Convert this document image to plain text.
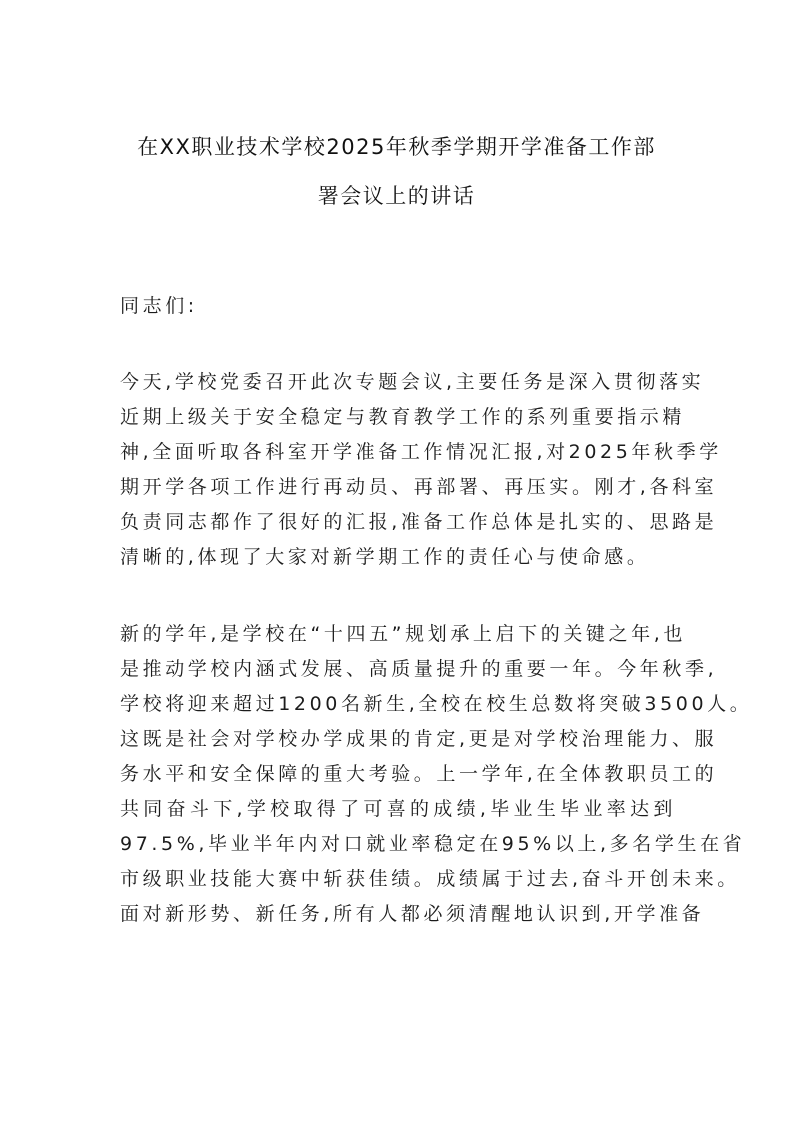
在XX职业技术学校2025年秋季学期开学准备工作部
署会议上的讲话
同志们:
今天,学校党委召开此次专题会议,主要任务是深入贯彻落实
近期上级关于安全稳定与教育教学工作的系列重要指示精
神,全面听取各科室开学准备工作情况汇报,对2025年秋季学
期开学各项工作进行再动员、再部署、再压实。刚才,各科室
负责同志都作了很好的汇报,准备工作总体是扎实的、思路是
清晰的,体现了大家对新学期工作的责任心与使命感。
新的学年,是学校在“十四五”规划承上启下的关键之年,也
是推动学校内涵式发展、高质量提升的重要一年。今年秋季,
学校将迎来超过1200名新生,全校在校生总数将突破3500人。
这既是社会对学校办学成果的肯定,更是对学校治理能力、服
务水平和安全保障的重大考验。上一学年,在全体教职员工的
共同奋斗下,学校取得了可喜的成绩,毕业生毕业率达到
97.5%,毕业半年内对口就业率稳定在95%以上,多名学生在省
市级职业技能大赛中斩获佳绩。成绩属于过去,奋斗开创未来。
面对新形势、新任务,所有人都必须清醒地认识到,开学准备
